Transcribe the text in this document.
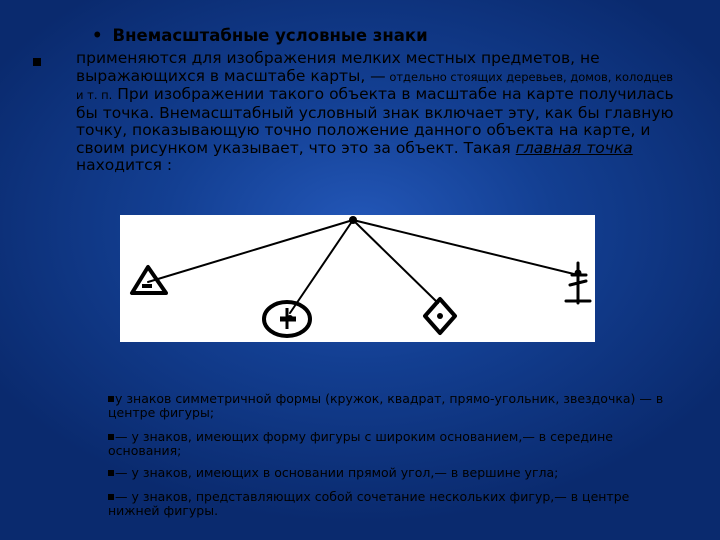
• Внемасштабные условные знаки
применяются для изображения мелких местных предметов, не выражающихся в масштабе карты, — отдельно стоящих деревьев, домов, колодцев и т. п. При изображении такого объекта в масштабе на карте получилась бы точка. Внемасштабный условный знак включает эту, как бы главную точку, показывающую точно положение данного объекта на карте, и своим рисунком указывает, что это за объект. Такая главная точка находится :
у знаков симметричной формы (кружок, квадрат, прямо-угольник, звездочка) — в центре фигуры;
— у знаков, имеющих форму фигуры с широким основанием,— в середине основания;
— у знаков, имеющих в основании прямой угол,— в вершине угла;
— у знаков, представляющих собой сочетание нескольких фигур,— в центре нижней фигуры.
